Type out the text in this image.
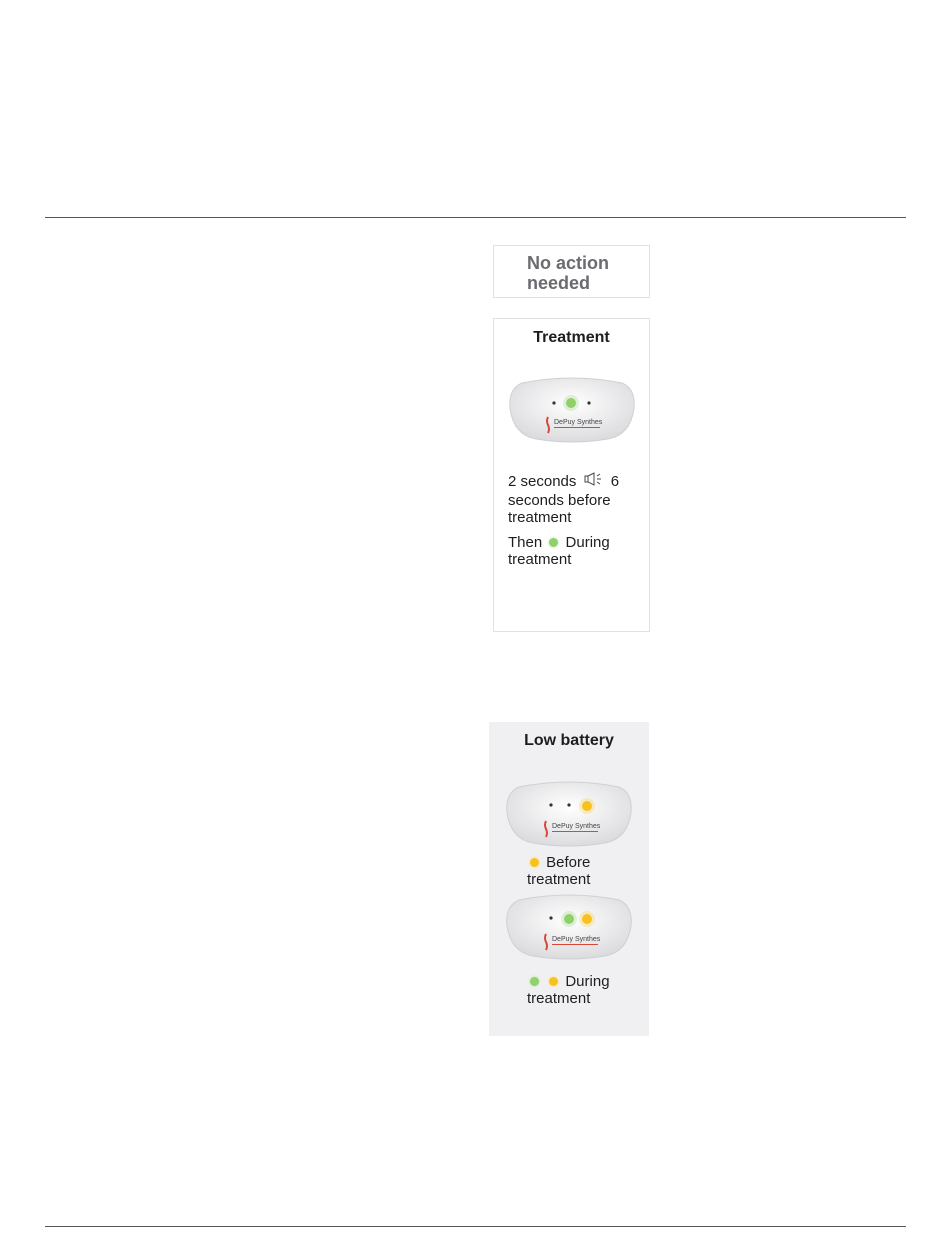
No action needed
Treatment
DePuy Synthes
2 seconds 6 seconds before treatment
Then During treatment
Low battery
DePuy Synthes
Before treatment
DePuy Synthes
During treatment
